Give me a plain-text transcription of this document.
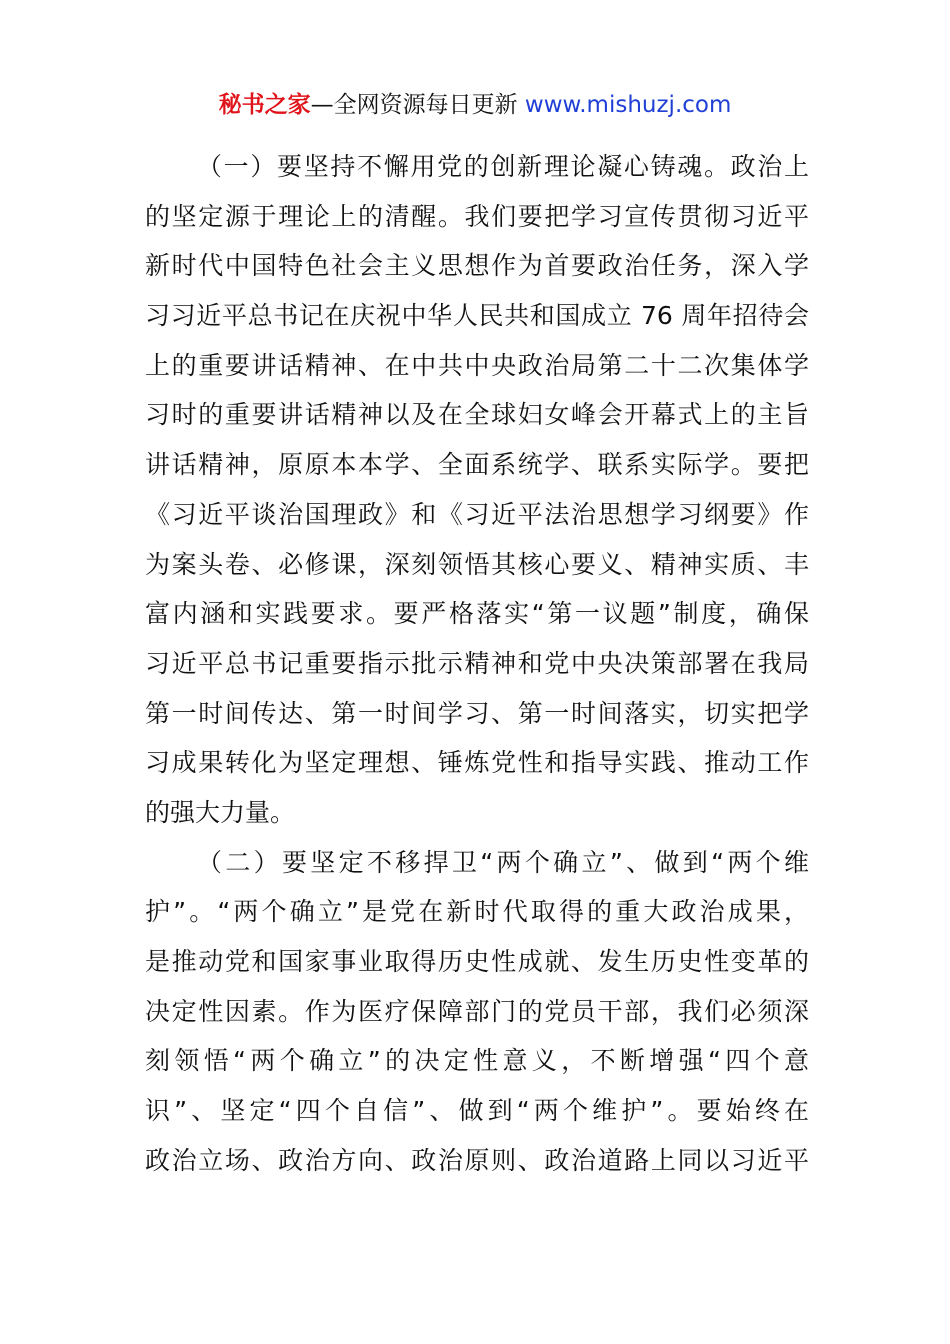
秘书之家—全网资源每日更新 www.mishuzj.com
（一）要坚持不懈用党的创新理论凝心铸魂。政治上
的坚定源于理论上的清醒。我们要把学习宣传贯彻习近平
新时代中国特色社会主义思想作为首要政治任务，深入学
习习近平总书记在庆祝中华人民共和国成立 76 周年招待会
上的重要讲话精神、在中共中央政治局第二十二次集体学
习时的重要讲话精神以及在全球妇女峰会开幕式上的主旨
讲话精神，原原本本学、全面系统学、联系实际学。要把
《习近平谈治国理政》和《习近平法治思想学习纲要》作
为案头卷、必修课，深刻领悟其核心要义、精神实质、丰
富内涵和实践要求。要严格落实“第一议题”制度，确保
习近平总书记重要指示批示精神和党中央决策部署在我局
第一时间传达、第一时间学习、第一时间落实，切实把学
习成果转化为坚定理想、锤炼党性和指导实践、推动工作
的强大力量。
（二）要坚定不移捍卫“两个确立”、做到“两个维
护”。“两个确立”是党在新时代取得的重大政治成果，
是推动党和国家事业取得历史性成就、发生历史性变革的
决定性因素。作为医疗保障部门的党员干部，我们必须深
刻领悟“两个确立”的决定性意义，不断增强“四个意
识”、坚定“四个自信”、做到“两个维护”。要始终在
政治立场、政治方向、政治原则、政治道路上同以习近平
